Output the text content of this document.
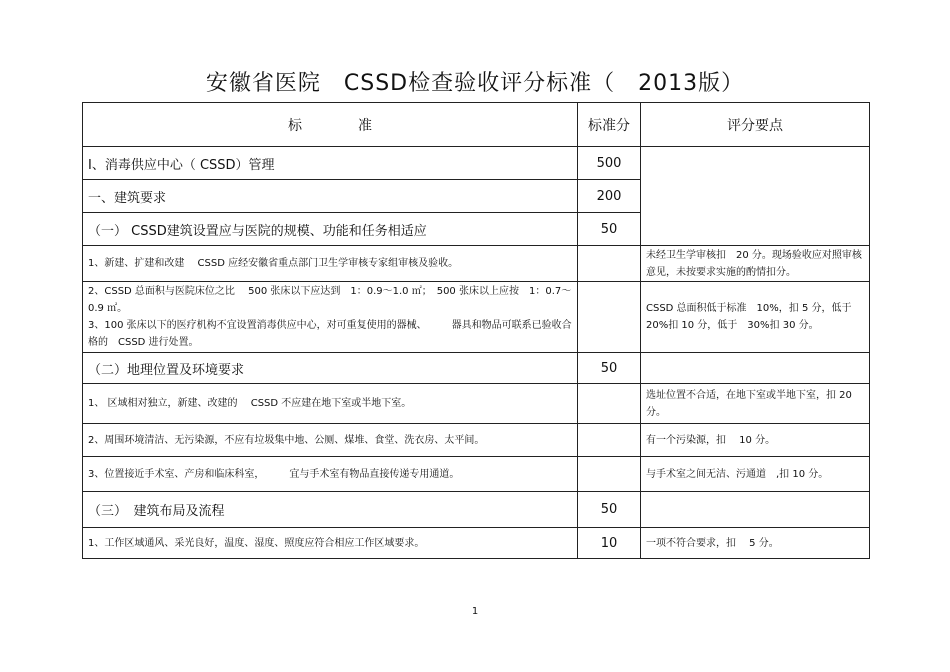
安徽省医院　CSSD检查验收评分标准（　2013版）
标　　　　准	标准分	评分要点
Ⅰ、消毒供应中心（ CSSD）管理	500	
一、建筑要求	200	
（一） CSSD建筑设置应与医院的规模、功能和任务相适应	50	
1、新建、扩建和改建　 CSSD 应经安徽省重点部门卫生学审核专家组审核及验收。		未经卫生学审核扣　20 分。现场验收应对照审核意见，未按要求实施的酌情扣分。
2、CSSD 总面积与医院床位之比　 500 张床以下应达到　1：0.9～1.0 ㎡；　500 张床以上应按　1：0.7～0.9 ㎡。
3、100 张床以下的医疗机构不宜设置消毒供应中心，对可重复使用的器械、　　　器具和物品可联系已验收合格的　CSSD 进行处置。		CSSD 总面积低于标准　10%，扣 5 分，低于 20%扣 10 分，低于　30%扣 30 分。
（二）地理位置及环境要求	50	
1、 区域相对独立，新建、改建的　 CSSD 不应建在地下室或半地下室。		选址位置不合适，在地下室或半地下室，扣 20 分。
2、周围环境清洁、无污染源，不应有垃圾集中地、公厕、煤堆、食堂、洗衣房、太平间。		有一个污染源，扣　 10 分。
3、位置接近手术室、产房和临床科室，　　　宜与手术室有物品直接传递专用通道。		与手术室之间无洁、污通道　,扣 10 分。
（三）　建筑布局及流程	50	
1、工作区域通风、采光良好，温度、湿度、照度应符合相应工作区域要求。	10	一项不符合要求，扣　 5 分。
1
